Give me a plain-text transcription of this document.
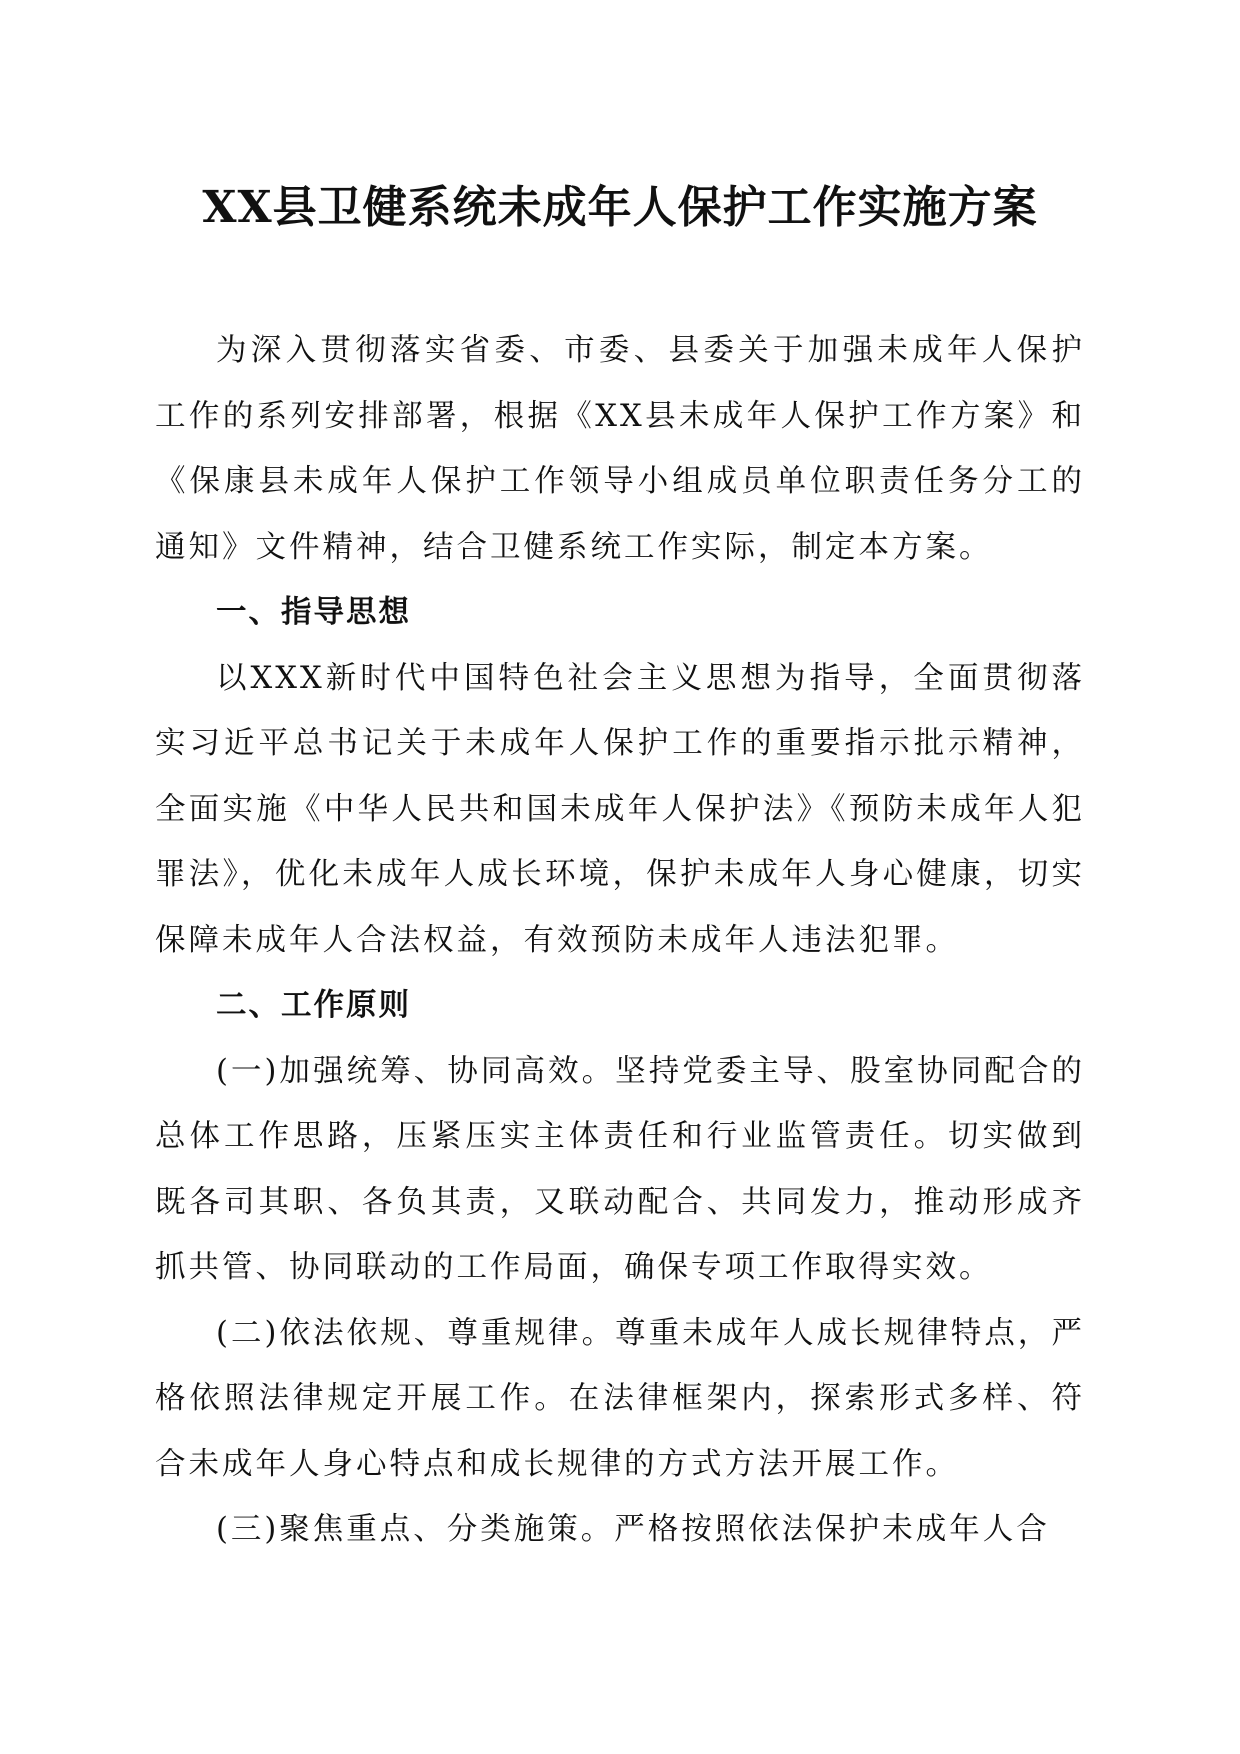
XX县卫健系统未成年人保护工作实施方案

为深入贯彻落实省委、市委、县委关于加强未成年人保护工作的系列安排部署，根据《XX县未成年人保护工作方案》和《保康县未成年人保护工作领导小组成员单位职责任务分工的通知》文件精神，结合卫健系统工作实际，制定本方案。

一、指导思想

以XXX新时代中国特色社会主义思想为指导，全面贯彻落实习近平总书记关于未成年人保护工作的重要指示批示精神，全面实施《中华人民共和国未成年人保护法》《预防未成年人犯罪法》，优化未成年人成长环境，保护未成年人身心健康，切实保障未成年人合法权益，有效预防未成年人违法犯罪。

二、工作原则

(一)加强统筹、协同高效。坚持党委主导、股室协同配合的总体工作思路，压紧压实主体责任和行业监管责任。切实做到既各司其职、各负其责，又联动配合、共同发力，推动形成齐抓共管、协同联动的工作局面，确保专项工作取得实效。

(二)依法依规、尊重规律。尊重未成年人成长规律特点，严格依照法律规定开展工作。在法律框架内，探索形式多样、符合未成年人身心特点和成长规律的方式方法开展工作。

(三)聚焦重点、分类施策。严格按照依法保护未成年人合
